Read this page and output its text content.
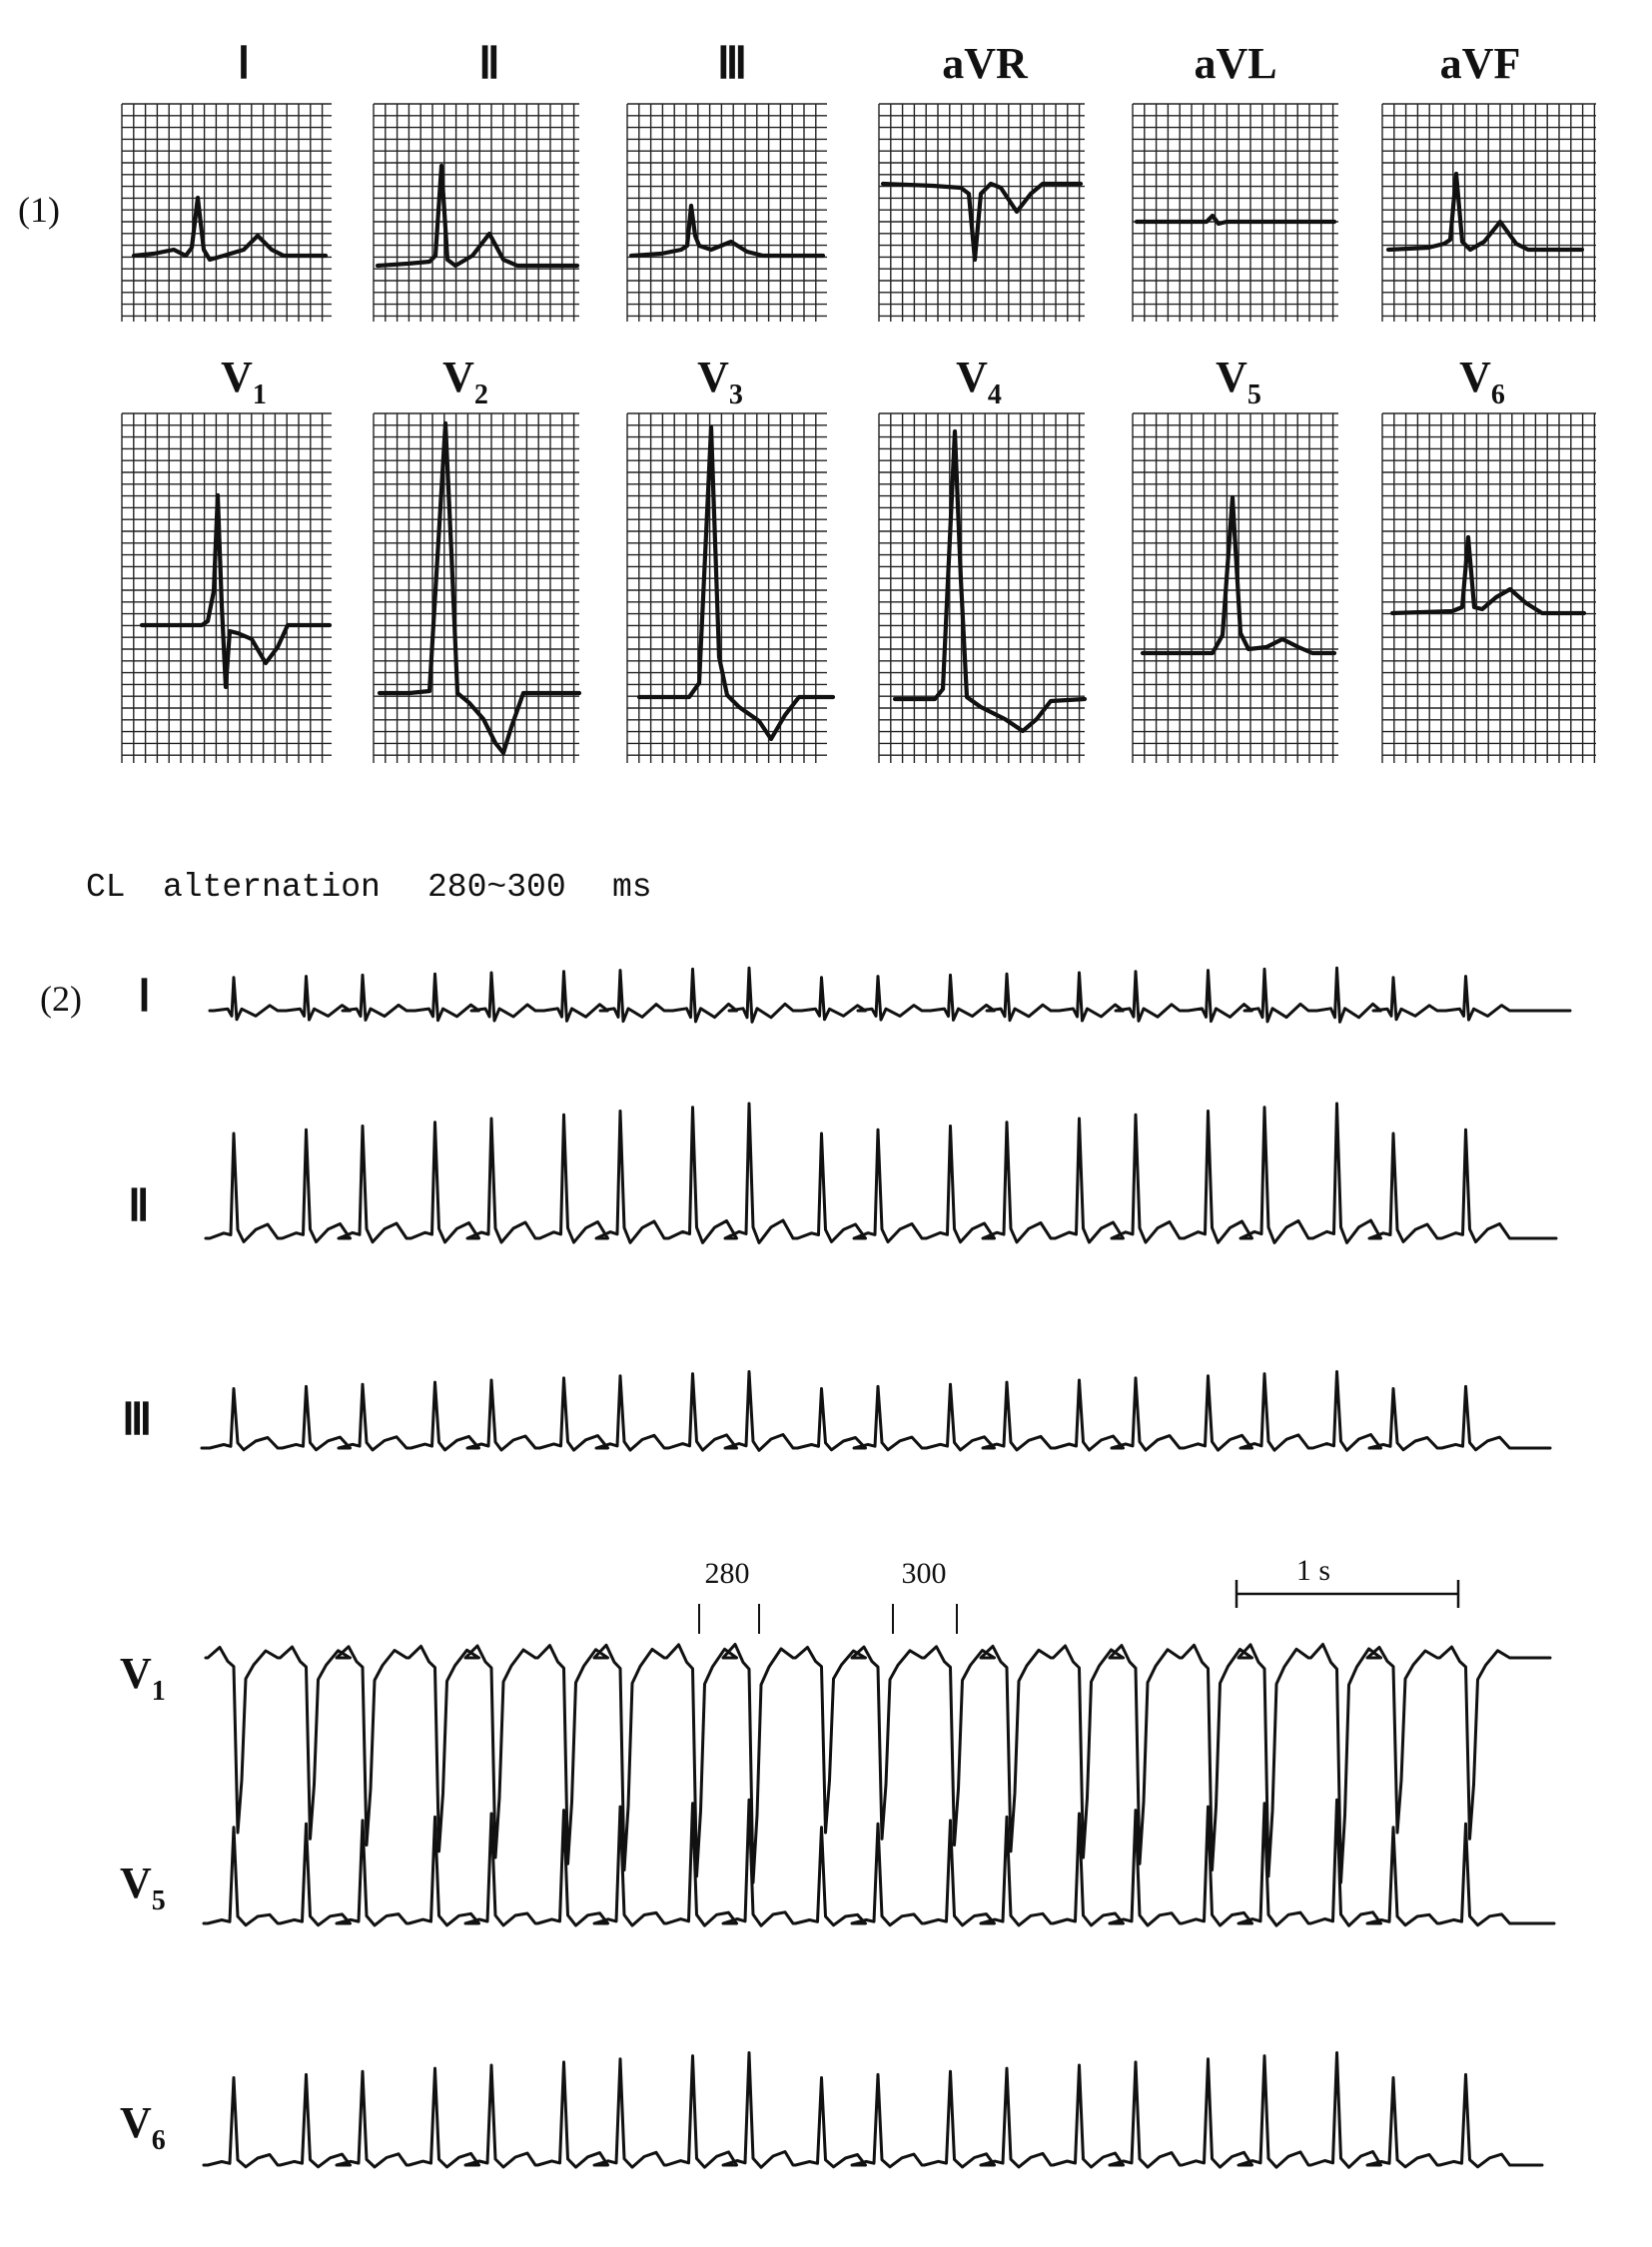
(1)
Ⅰ	Ⅱ	Ⅲ	aVR	aVL	aVF
$V_1$	$V_2$	$V_3$	$V_4$	$V_5$	$V_6$
CL alternation 280~300 ms
(2) Ⅰ
Ⅱ
Ⅲ
$V_1$
$V_5$
$V_6$
280	300	1 s
